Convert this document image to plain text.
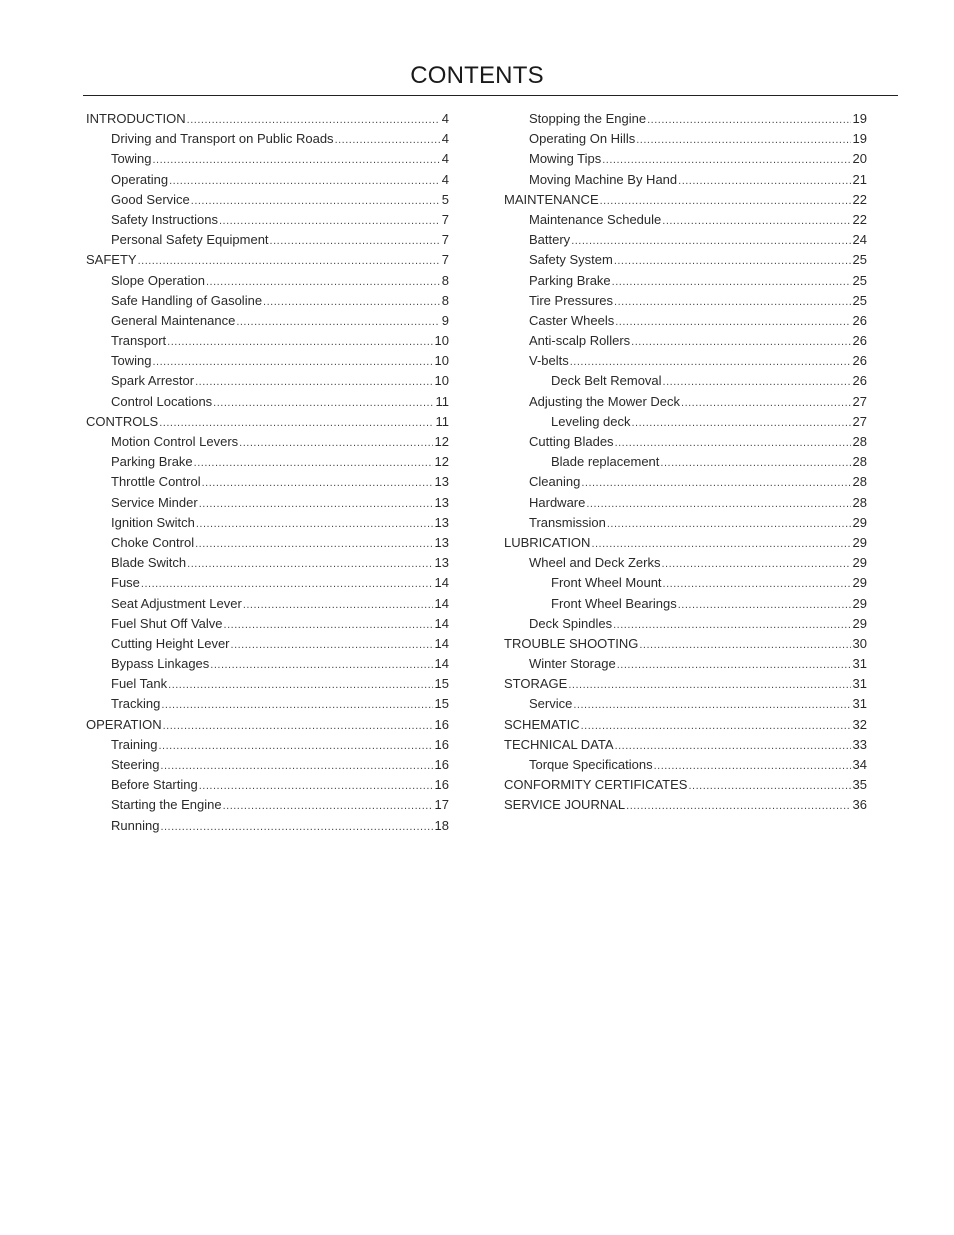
CONTENTS
INTRODUCTION .....	4
Driving and Transport on Public Roads .....	4
Towing .....	4
Operating .....	4
Good Service .....	5
Safety Instructions .....	7
Personal Safety Equipment .....	7
SAFETY .....	7
Slope Operation .....	8
Safe Handling of Gasoline .....	8
General Maintenance .....	9
Transport .....	10
Towing .....	10
Spark Arrestor .....	10
Control Locations .....	11
CONTROLS .....	11
Motion Control Levers .....	12
Parking Brake .....	12
Throttle Control .....	13
Service Minder .....	13
Ignition Switch .....	13
Choke Control .....	13
Blade Switch .....	13
Fuse .....	14
Seat Adjustment Lever .....	14
Fuel Shut Off Valve .....	14
Cutting Height Lever .....	14
Bypass Linkages .....	14
Fuel Tank .....	15
Tracking .....	15
OPERATION .....	16
Training .....	16
Steering .....	16
Before Starting .....	16
Starting the Engine .....	17
Running .....	18
Stopping the Engine .....	19
Operating On Hills .....	19
Mowing Tips .....	20
Moving Machine By Hand .....	21
MAINTENANCE .....	22
Maintenance Schedule .....	22
Battery .....	24
Safety System .....	25
Parking Brake .....	25
Tire Pressures .....	25
Caster Wheels .....	26
Anti-scalp Rollers .....	26
V-belts .....	26
Deck Belt Removal .....	26
Adjusting the Mower Deck .....	27
Leveling deck .....	27
Cutting Blades .....	28
Blade replacement .....	28
Cleaning .....	28
Hardware .....	28
Transmission .....	29
LUBRICATION .....	29
Wheel and Deck Zerks .....	29
Front Wheel Mount .....	29
Front Wheel Bearings .....	29
Deck Spindles .....	29
TROUBLE SHOOTING .....	30
Winter Storage .....	31
STORAGE .....	31
Service .....	31
SCHEMATIC .....	32
TECHNICAL DATA .....	33
Torque Specifications .....	34
CONFORMITY CERTIFICATES .....	35
SERVICE JOURNAL .....	36
